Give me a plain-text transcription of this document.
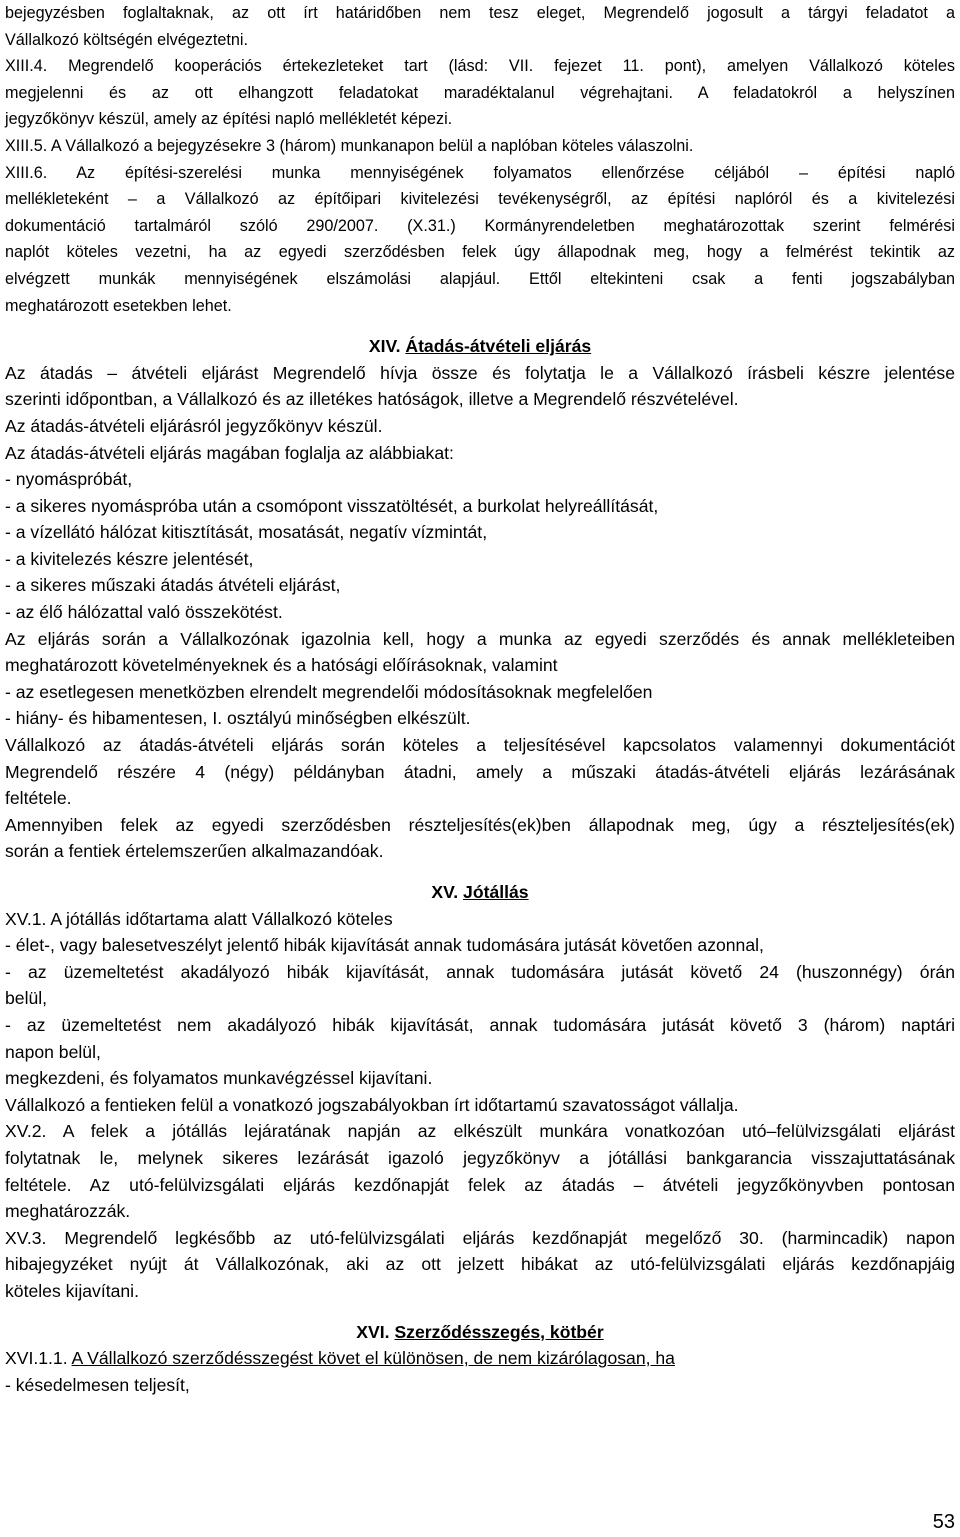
bejegyzésben foglaltaknak, az ott írt határidőben nem tesz eleget, Megrendelő jogosult a tárgyi feladatot a
Vállalkozó költségén elvégeztetni.
XIII.4. Megrendelő kooperációs értekezleteket tart (lásd: VII. fejezet 11. pont), amelyen Vállalkozó köteles
megjelenni és az ott elhangzott feladatokat maradéktalanul végrehajtani. A feladatokról a helyszínen
jegyzőkönyv készül, amely az építési napló mellékletét képezi.
XIII.5. A Vállalkozó a bejegyzésekre 3 (három) munkanapon belül a naplóban köteles válaszolni.
XIII.6. Az építési-szerelési munka mennyiségének folyamatos ellenőrzése céljából – építési napló
mellékleteként – a Vállalkozó az építőipari kivitelezési tevékenységről, az építési naplóról és a kivitelezési
dokumentáció tartalmáról szóló 290/2007. (X.31.) Kormányrendeletben meghatározottak szerint felmérési
naplót köteles vezetni, ha az egyedi szerződésben felek úgy állapodnak meg, hogy a felmérést tekintik az
elvégzett munkák mennyiségének elszámolási alapjául. Ettől eltekinteni csak a fenti jogszabályban
meghatározott esetekben lehet.
XIV. Átadás-átvételi eljárás
Az átadás – átvételi eljárást Megrendelő hívja össze és folytatja le a Vállalkozó írásbeli készre jelentése
szerinti időpontban, a Vállalkozó és az illetékes hatóságok, illetve a Megrendelő részvételével.
Az átadás-átvételi eljárásról jegyzőkönyv készül.
Az átadás-átvételi eljárás magában foglalja az alábbiakat:
- nyomáspróbát,
- a sikeres nyomáspróba után a csomópont visszatöltését, a burkolat helyreállítását,
- a vízellátó hálózat kitisztítását, mosatását, negatív vízmintát,
- a kivitelezés készre jelentését,
- a sikeres műszaki átadás átvételi eljárást,
- az élő hálózattal való összekötést.
Az eljárás során a Vállalkozónak igazolnia kell, hogy a munka az egyedi szerződés és annak mellékleteiben
meghatározott követelményeknek és a hatósági előírásoknak, valamint
- az esetlegesen menetközben elrendelt megrendelői módosításoknak megfelelően
- hiány- és hibamentesen, I. osztályú minőségben elkészült.
Vállalkozó az átadás-átvételi eljárás során köteles a teljesítésével kapcsolatos valamennyi dokumentációt
Megrendelő részére 4 (négy) példányban átadni, amely a műszaki átadás-átvételi eljárás lezárásának
feltétele.
Amennyiben felek az egyedi szerződésben részteljesítés(ek)ben állapodnak meg, úgy a részteljesítés(ek)
során a fentiek értelemszerűen alkalmazandóak.
XV. Jótállás
XV.1. A jótállás időtartama alatt Vállalkozó köteles
- élet-, vagy balesetveszélyt jelentő hibák kijavítását annak tudomására jutását követően azonnal,
- az üzemeltetést akadályozó hibák kijavítását, annak tudomására jutását követő 24 (huszonnégy) órán
belül,
- az üzemeltetést nem akadályozó hibák kijavítását, annak tudomására jutását követő 3 (három) naptári
napon belül,
megkezdeni, és folyamatos munkavégzéssel kijavítani.
Vállalkozó a fentieken felül a vonatkozó jogszabályokban írt időtartamú szavatosságot vállalja.
XV.2. A felek a jótállás lejáratának napján az elkészült munkára vonatkozóan utó–felülvizsgálati eljárást
folytatnak le, melynek sikeres lezárását igazoló jegyzőkönyv a jótállási bankgarancia visszajuttatásának
feltétele. Az utó-felülvizsgálati eljárás kezdőnapját felek az átadás – átvételi jegyzőkönyvben pontosan
meghatározzák.
XV.3. Megrendelő legkésőbb az utó-felülvizsgálati eljárás kezdőnapját megelőző 30. (harmincadik) napon
hibajegyzéket nyújt át Vállalkozónak, aki az ott jelzett hibákat az utó-felülvizsgálati eljárás kezdőnapjáig
köteles kijavítani.
XVI. Szerződésszegés, kötbér
XVI.1.1. A Vállalkozó szerződésszegést követ el különösen, de nem kizárólagosan, ha
- késedelmesen teljesít,
53
